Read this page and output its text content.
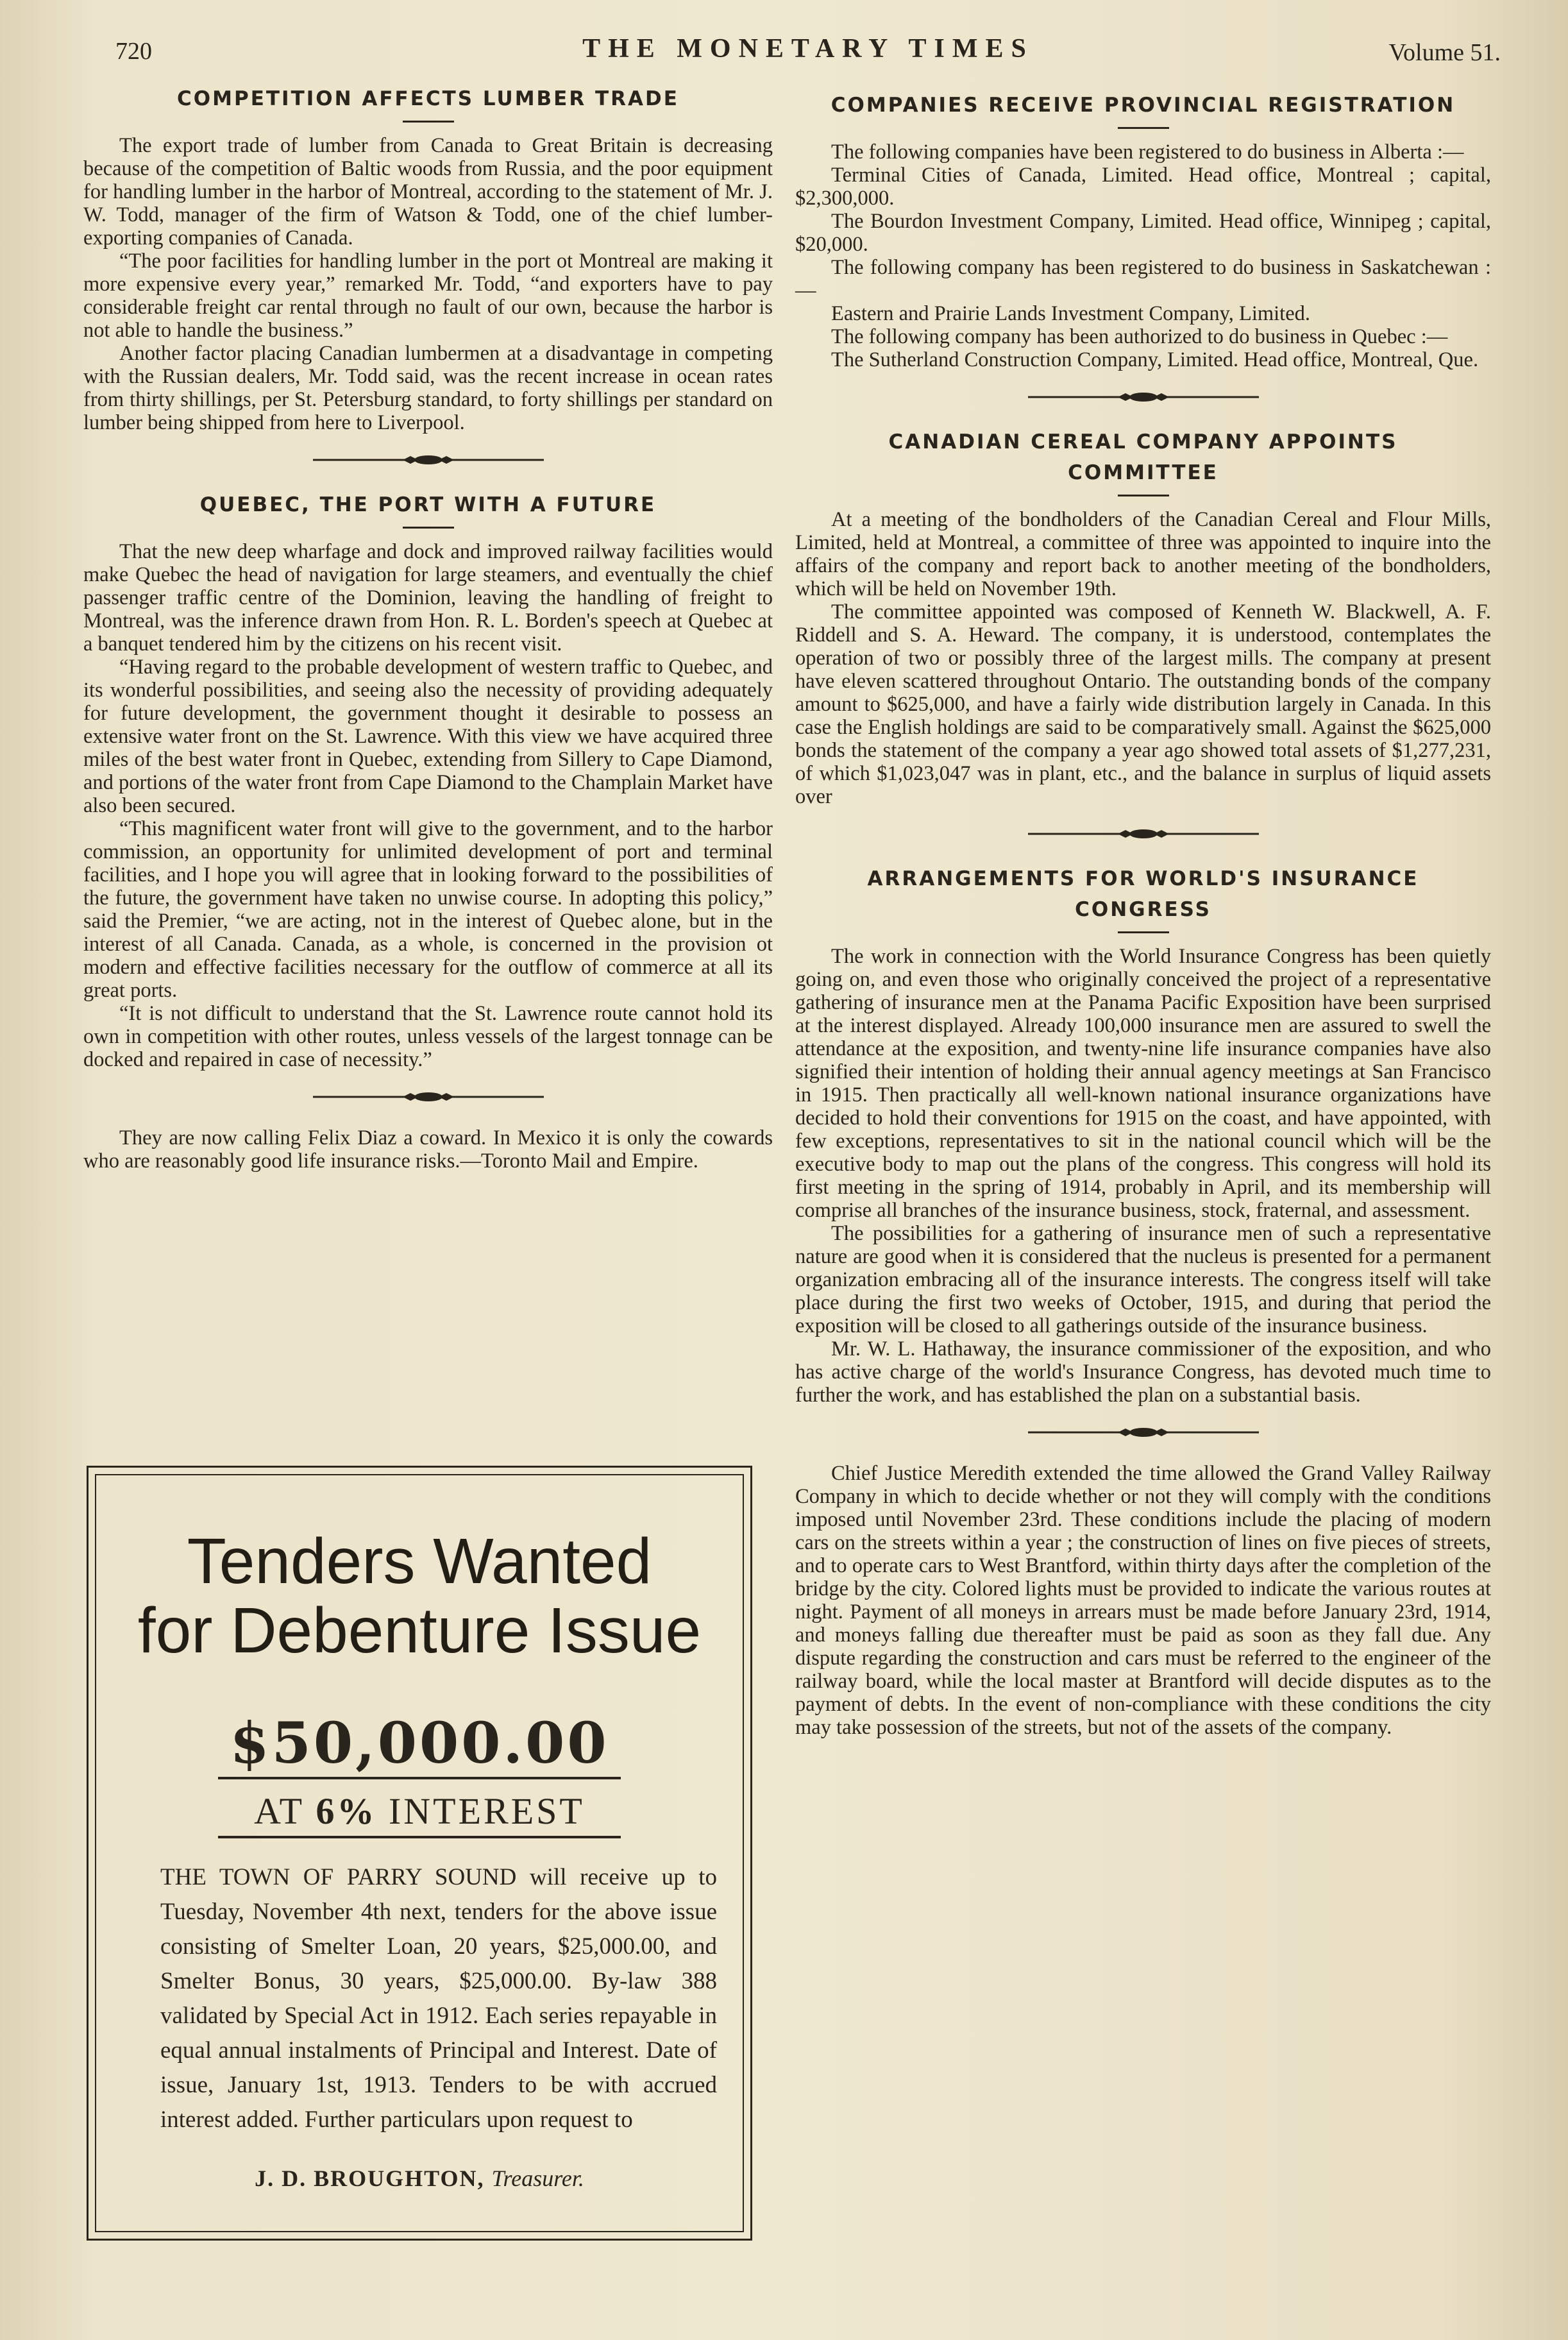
720	THE MONETARY TIMES	Volume 51.
COMPETITION AFFECTS LUMBER TRADE

The export trade of lumber from Canada to Great Britain is decreasing because of the competition of Baltic woods from Russia, and the poor equipment for handling lumber in the harbor of Montreal, according to the statement of Mr. J. W. Todd, manager of the firm of Watson & Todd, one of the chief lumber-exporting companies of Canada.

“The poor facilities for handling lumber in the port ot Montreal are making it more expensive every year,” remarked Mr. Todd, “and exporters have to pay considerable freight car rental through no fault of our own, because the harbor is not able to handle the business.”

Another factor placing Canadian lumbermen at a disadvantage in competing with the Russian dealers, Mr. Todd said, was the recent increase in ocean rates from thirty shillings, per St. Petersburg standard, to forty shillings per standard on lumber being shipped from here to Liverpool.

QUEBEC, THE PORT WITH A FUTURE

That the new deep wharfage and dock and improved railway facilities would make Quebec the head of navigation for large steamers, and eventually the chief passenger traffic centre of the Dominion, leaving the handling of freight to Montreal, was the inference drawn from Hon. R. L. Borden's speech at Quebec at a banquet tendered him by the citizens on his recent visit.

“Having regard to the probable development of western traffic to Quebec, and its wonderful possibilities, and seeing also the necessity of providing adequately for future development, the government thought it desirable to possess an extensive water front on the St. Lawrence. With this view we have acquired three miles of the best water front in Quebec, extending from Sillery to Cape Diamond, and portions of the water front from Cape Diamond to the Champlain Market have also been secured.

“This magnificent water front will give to the government, and to the harbor commission, an opportunity for unlimited development of port and terminal facilities, and I hope you will agree that in looking forward to the possibilities of the future, the government have taken no unwise course. In adopting this policy,” said the Premier, “we are acting, not in the interest of Quebec alone, but in the interest of all Canada. Canada, as a whole, is concerned in the provision ot modern and effective facilities necessary for the outflow of commerce at all its great ports.

“It is not difficult to understand that the St. Lawrence route cannot hold its own in competition with other routes, unless vessels of the largest tonnage can be docked and repaired in case of necessity.”

They are now calling Felix Diaz a coward. In Mexico it is only the cowards who are reasonably good life insurance risks.—Toronto Mail and Empire.

Tenders Wanted
for Debenture Issue
$50,000.00
AT 6% INTEREST
THE TOWN OF PARRY SOUND will receive up to Tuesday, November 4th next, tenders for the above issue consisting of Smelter Loan, 20 years, $25,000.00, and Smelter Bonus, 30 years, $25,000.00. By-law 388 validated by Special Act in 1912. Each series repayable in equal annual instalments of Principal and Interest. Date of issue, January 1st, 1913. Tenders to be with accrued interest added. Further particulars upon request to
J. D. BROUGHTON, Treasurer.
COMPANIES RECEIVE PROVINCIAL REGISTRATION

The following companies have been registered to do business in Alberta :—

Terminal Cities of Canada, Limited. Head office, Montreal ; capital, $2,300,000.

The Bourdon Investment Company, Limited. Head office, Winnipeg ; capital, $20,000.

The following company has been registered to do business in Saskatchewan :—

Eastern and Prairie Lands Investment Company, Limited.

The following company has been authorized to do business in Quebec :—

The Sutherland Construction Company, Limited. Head office, Montreal, Que.

CANADIAN CEREAL COMPANY APPOINTS
COMMITTEE

At a meeting of the bondholders of the Canadian Cereal and Flour Mills, Limited, held at Montreal, a committee of three was appointed to inquire into the affairs of the company and report back to another meeting of the bondholders, which will be held on November 19th.

The committee appointed was composed of Kenneth W. Blackwell, A. F. Riddell and S. A. Heward. The company, it is understood, contemplates the operation of two or possibly three of the largest mills. The company at present have eleven scattered throughout Ontario. The outstanding bonds of the company amount to $625,000, and have a fairly wide distribution largely in Canada. In this case the English holdings are said to be comparatively small. Against the $625,000 bonds the statement of the company a year ago showed total assets of $1,277,231, of which $1,023,047 was in plant, etc., and the balance in surplus of liquid assets over

ARRANGEMENTS FOR WORLD'S INSURANCE
CONGRESS

The work in connection with the World Insurance Congress has been quietly going on, and even those who originally conceived the project of a representative gathering of insurance men at the Panama Pacific Exposition have been surprised at the interest displayed. Already 100,000 insurance men are assured to swell the attendance at the exposition, and twenty-nine life insurance companies have also signified their intention of holding their annual agency meetings at San Francisco in 1915. Then practically all well-known national insurance organizations have decided to hold their conventions for 1915 on the coast, and have appointed, with few exceptions, representatives to sit in the national council which will be the executive body to map out the plans of the congress. This congress will hold its first meeting in the spring of 1914, probably in April, and its membership will comprise all branches of the insurance business, stock, fraternal, and assessment.

The possibilities for a gathering of insurance men of such a representative nature are good when it is considered that the nucleus is presented for a permanent organization embracing all of the insurance interests. The congress itself will take place during the first two weeks of October, 1915, and during that period the exposition will be closed to all gatherings outside of the insurance business.

Mr. W. L. Hathaway, the insurance commissioner of the exposition, and who has active charge of the world's Insurance Congress, has devoted much time to further the work, and has established the plan on a substantial basis.

Chief Justice Meredith extended the time allowed the Grand Valley Railway Company in which to decide whether or not they will comply with the conditions imposed until November 23rd. These conditions include the placing of modern cars on the streets within a year ; the construction of lines on five pieces of streets, and to operate cars to West Brantford, within thirty days after the completion of the bridge by the city. Colored lights must be provided to indicate the various routes at night. Payment of all moneys in arrears must be made before January 23rd, 1914, and moneys falling due thereafter must be paid as soon as they fall due. Any dispute regarding the construction and cars must be referred to the engineer of the railway board, while the local master at Brantford will decide disputes as to the payment of debts. In the event of non-compliance with these conditions the city may take possession of the streets, but not of the assets of the company.
